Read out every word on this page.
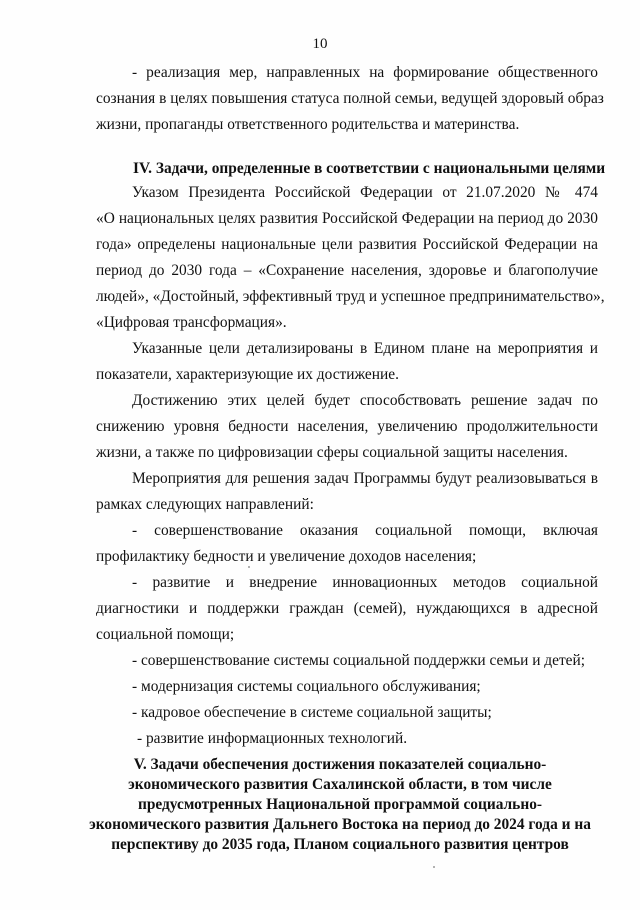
10
- реализация мер, направленных на формирование общественного
сознания в целях повышения статуса полной семьи, ведущей здоровый образ
жизни, пропаганды ответственного родительства и материнства.
IV. Задачи, определенные в соответствии с национальными целями
Указом Президента Российской Федерации от 21.07.2020 № 474
«О национальных целях развития Российской Федерации на период до 2030
года» определены национальные цели развития Российской Федерации на
период до 2030 года – «Сохранение населения, здоровье и благополучие
людей», «Достойный, эффективный труд и успешное предпринимательство»,
«Цифровая трансформация».
Указанные цели детализированы в Едином плане на мероприятия и
показатели, характеризующие их достижение.
Достижению этих целей будет способствовать решение задач по
снижению уровня бедности населения, увеличению продолжительности
жизни, а также по цифровизации сферы социальной защиты населения.
Мероприятия для решения задач Программы будут реализовываться в
рамках следующих направлений:
- совершенствование оказания социальной помощи, включая
профилактику бедности и увеличение доходов населения;
- развитие и внедрение инновационных методов социальной
диагностики и поддержки граждан (семей), нуждающихся в адресной
социальной помощи;
- совершенствование системы социальной поддержки семьи и детей;
- модернизация системы социального обслуживания;
- кадровое обеспечение в системе социальной защиты;
- развитие информационных технологий.
V. Задачи обеспечения достижения показателей социально-
экономического развития Сахалинской области, в том числе
предусмотренных Национальной программой социально-
экономического развития Дальнего Востока на период до 2024 года и на
перспективу до 2035 года, Планом социального развития центров
